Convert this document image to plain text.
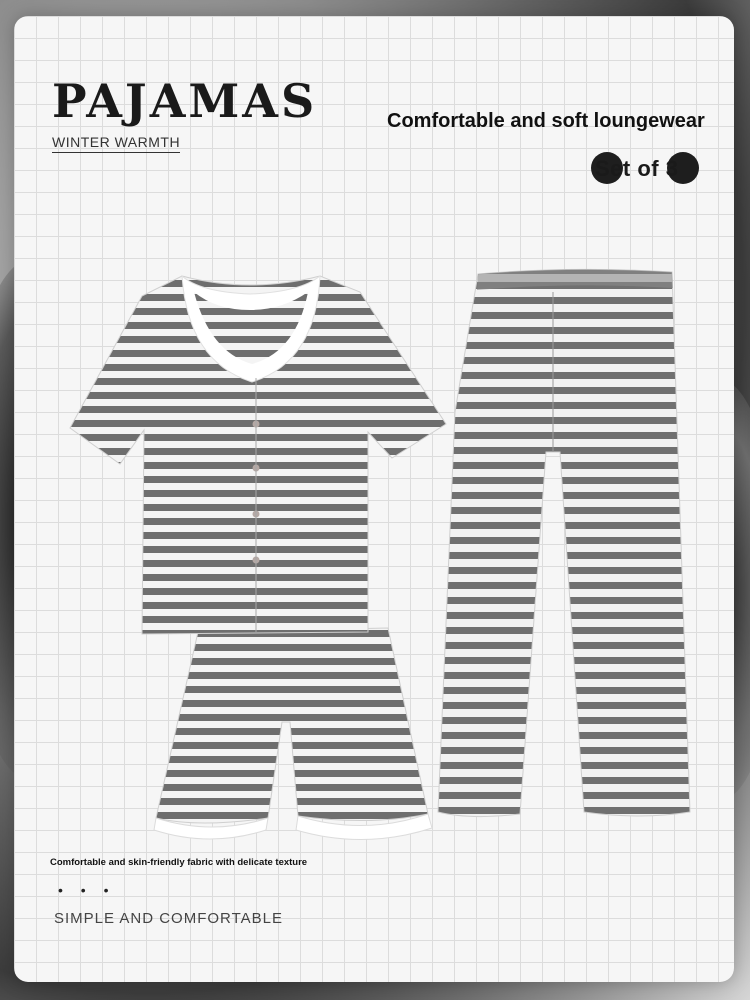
PAJAMAS
WINTER WARMTH
Comfortable and soft loungewear
Set of 3
Comfortable and skin-friendly fabric with delicate texture
• • •
SIMPLE AND COMFORTABLE
